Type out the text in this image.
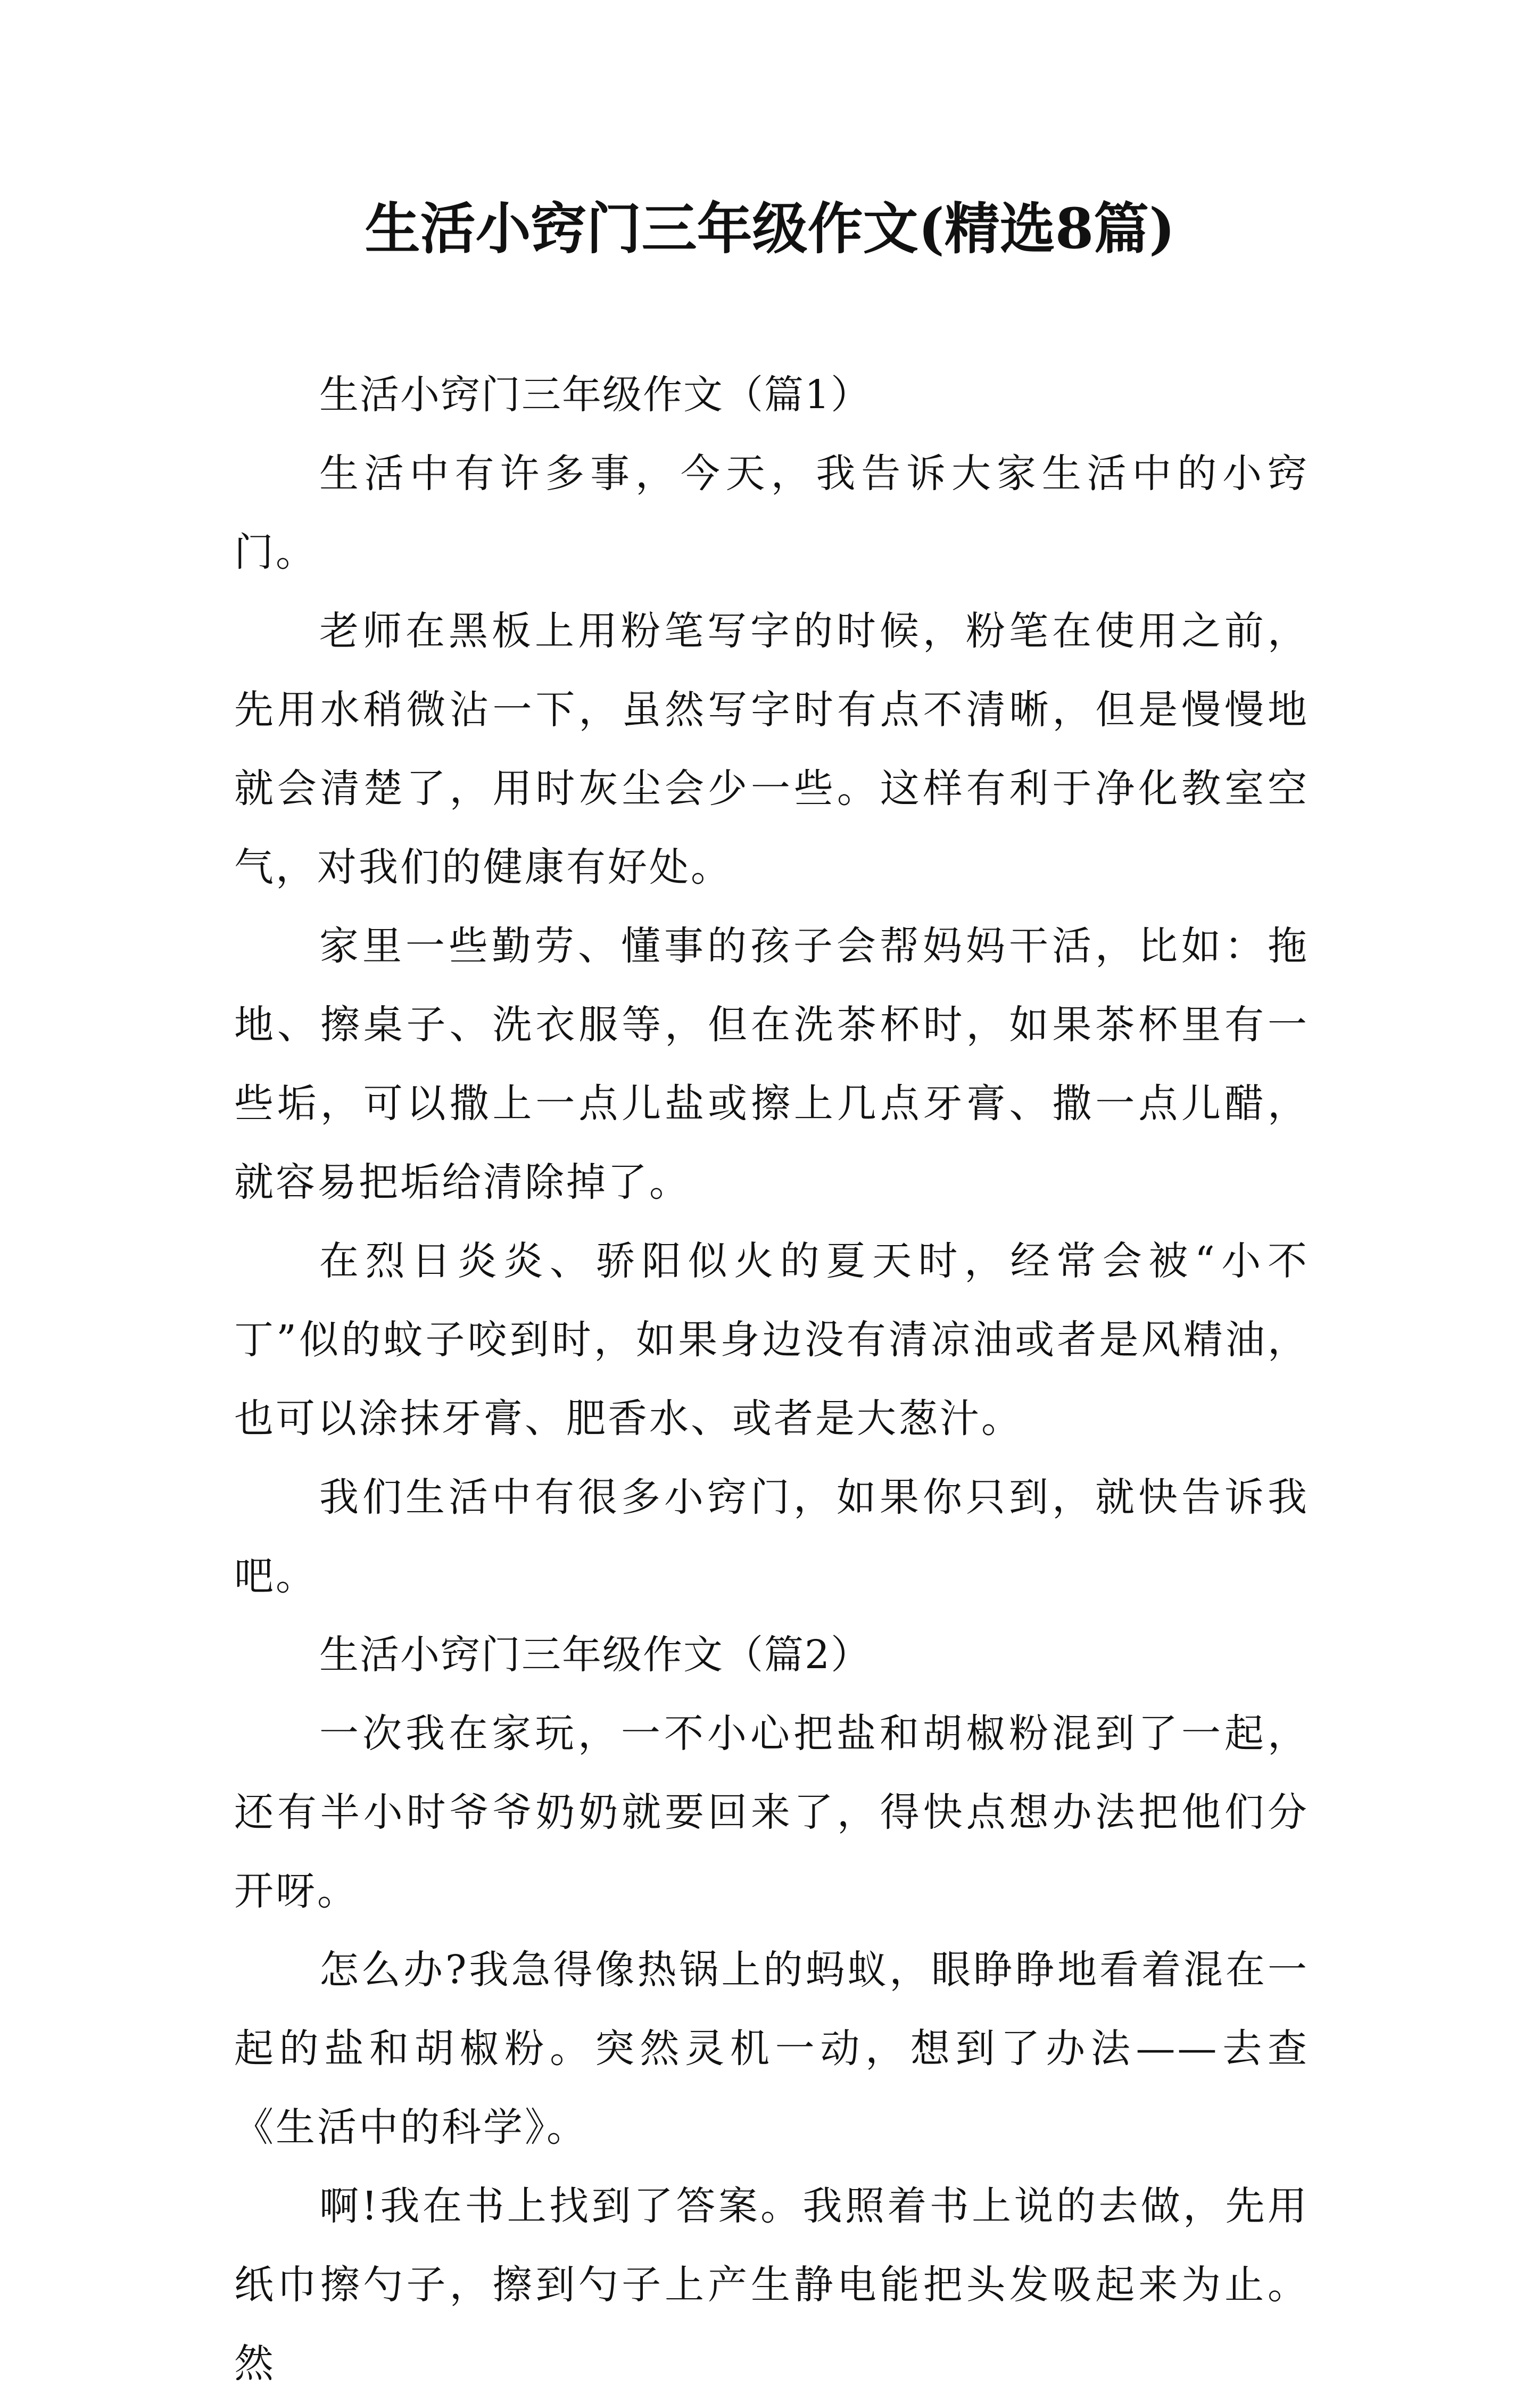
生活小窍门三年级作文(精选8篇)

生活小窍门三年级作文（篇1）

生活中有许多事，今天，我告诉大家生活中的小窍门。

老师在黑板上用粉笔写字的时候，粉笔在使用之前，先用水稍微沾一下，虽然写字时有点不清晰，但是慢慢地就会清楚了，用时灰尘会少一些。这样有利于净化教室空气，对我们的健康有好处。

家里一些勤劳、懂事的孩子会帮妈妈干活，比如：拖地、擦桌子、洗衣服等，但在洗茶杯时，如果茶杯里有一些垢，可以撒上一点儿盐或擦上几点牙膏、撒一点儿醋，就容易把垢给清除掉了。

在烈日炎炎、骄阳似火的夏天时，经常会被“小不丁”似的蚊子咬到时，如果身边没有清凉油或者是风精油，也可以涂抹牙膏、肥香水、或者是大葱汁。

我们生活中有很多小窍门，如果你只到，就快告诉我吧。

生活小窍门三年级作文（篇2）

一次我在家玩，一不小心把盐和胡椒粉混到了一起，还有半小时爷爷奶奶就要回来了，得快点想办法把他们分开呀。

怎么办?我急得像热锅上的蚂蚁，眼睁睁地看着混在一起的盐和胡椒粉。突然灵机一动，想到了办法——去查《生活中的科学》。

啊!我在书上找到了答案。我照着书上说的去做，先用纸巾擦勺子，擦到勺子上产生静电能把头发吸起来为止。然
